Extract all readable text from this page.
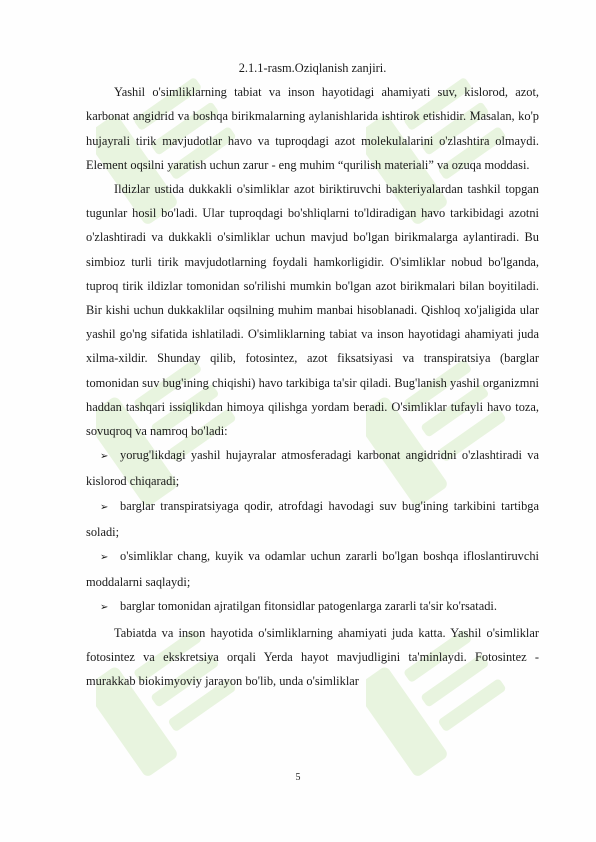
2.1.1-rasm.Oziqlanish zanjiri.

Yashil o'simliklarning tabiat va inson hayotidagi ahamiyati suv, kislorod, azot, karbonat angidrid va boshqa birikmalarning aylanishlarida ishtirok etishidir. Masalan, ko'p hujayrali tirik mavjudotlar havo va tuproqdagi azot molekulalarini o'zlashtira olmaydi. Element oqsilni yaratish uchun zarur - eng muhim “qurilish materiali” va ozuqa moddasi.

Ildizlar ustida dukkakli o'simliklar azot biriktiruvchi bakteriyalardan tashkil topgan tugunlar hosil bo'ladi. Ular tuproqdagi bo'shliqlarni to'ldiradigan havo tarkibidagi azotni o'zlashtiradi va dukkakli o'simliklar uchun mavjud bo'lgan birikmalarga aylantiradi. Bu simbioz turli tirik mavjudotlarning foydali hamkorligidir. O'simliklar nobud bo'lganda, tuproq tirik ildizlar tomonidan so'rilishi mumkin bo'lgan azot birikmalari bilan boyitiladi. Bir kishi uchun dukkaklilar oqsilning muhim manbai hisoblanadi. Qishloq xo'jaligida ular yashil go'ng sifatida ishlatiladi. O'simliklarning tabiat va inson hayotidagi ahamiyati juda xilma-xildir. Shunday qilib, fotosintez, azot fiksatsiyasi va transpiratsiya (barglar tomonidan suv bug'ining chiqishi) havo tarkibiga ta'sir qiladi. Bug'lanish yashil organizmni haddan tashqari issiqlikdan himoya qilishga yordam beradi. O'simliklar tufayli havo toza, sovuqroq va namroq bo'ladi:

➢ yorug'likdagi yashil hujayralar atmosferadagi karbonat angidridni o'zlashtiradi va kislorod chiqaradi;

➢ barglar transpiratsiyaga qodir, atrofdagi havodagi suv bug'ining tarkibini tartibga soladi;

➢ o'simliklar chang, kuyik va odamlar uchun zararli bo'lgan boshqa ifloslantiruvchi moddalarni saqlaydi;

➢ barglar tomonidan ajratilgan fitonsidlar patogenlarga zararli ta'sir ko'rsatadi.

Tabiatda va inson hayotida o'simliklarning ahamiyati juda katta. Yashil o'simliklar fotosintez va ekskretsiya orqali Yerda hayot mavjudligini ta'minlaydi. Fotosintez - murakkab biokimyoviy jarayon bo'lib, unda o'simliklar

5
